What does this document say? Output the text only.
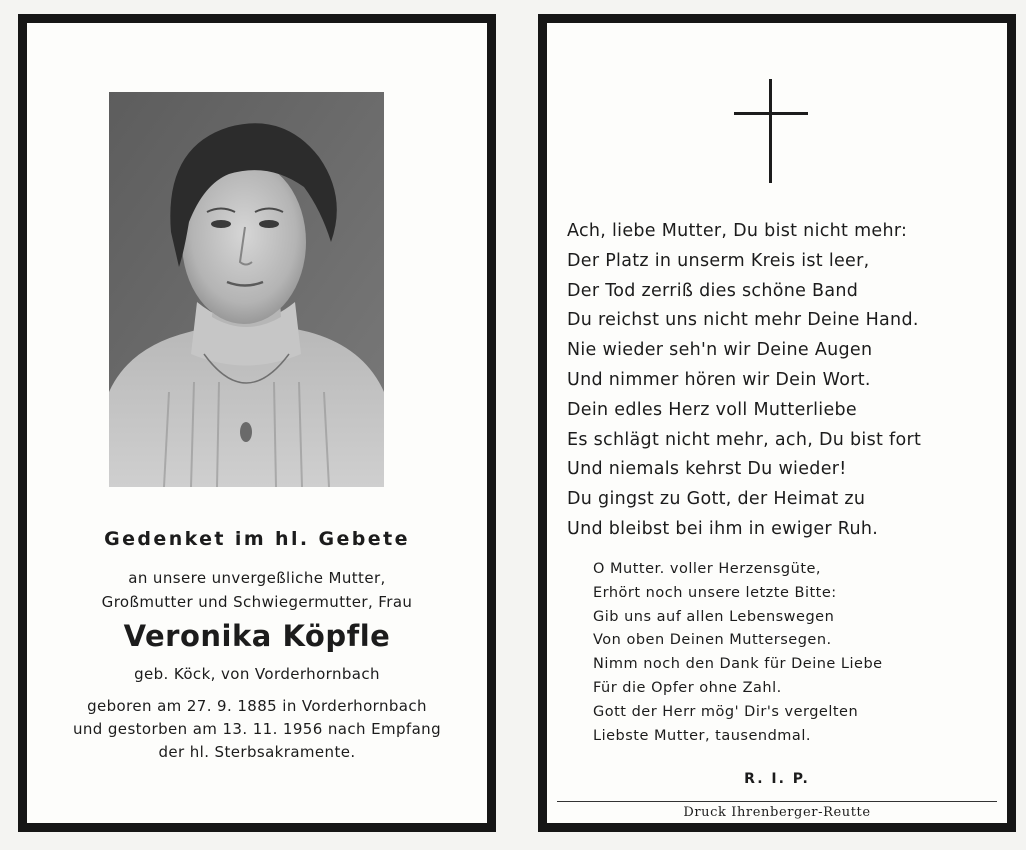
Gedenket im hl. Gebete
an unsere unvergeßliche Mutter,
Großmutter und Schwiegermutter, Frau
Veronika Köpfle
geb. Köck, von Vorderhornbach
geboren am 27. 9. 1885 in Vorderhornbach
und gestorben am 13. 11. 1956 nach Empfang
der hl. Sterbsakramente.
Ach, liebe Mutter, Du bist nicht mehr:
Der Platz in unserm Kreis ist leer,
Der Tod zerriß dies schöne Band
Du reichst uns nicht mehr Deine Hand.
Nie wieder seh'n wir Deine Augen
Und nimmer hören wir Dein Wort.
Dein edles Herz voll Mutterliebe
Es schlägt nicht mehr, ach, Du bist fort
Und niemals kehrst Du wieder!
Du gingst zu Gott, der Heimat zu
Und bleibst bei ihm in ewiger Ruh.
O Mutter. voller Herzensgüte,
Erhört noch unsere letzte Bitte:
Gib uns auf allen Lebenswegen
Von oben Deinen Muttersegen.
Nimm noch den Dank für Deine Liebe
Für die Opfer ohne Zahl.
Gott der Herr mög' Dir's vergelten
Liebste Mutter, tausendmal.
R. I. P.
Druck Ihrenberger-Reutte
